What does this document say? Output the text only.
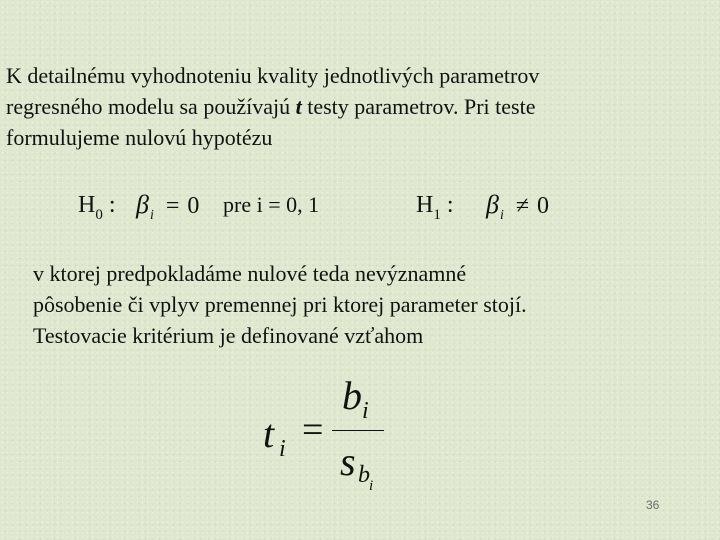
K detailnému vyhodnoteniu kvality jednotlivých parametrov
regresného modelu sa používajú t testy parametrov. Pri teste
formulujeme nulovú hypotézu
$H_0$ : $\beta_i = 0$ pre i = 0, 1	$H_1$ : $\beta_i \ne 0$
v ktorej predpokladáme nulové teda nevýznamné
pôsobenie či vplyv premennej pri ktorej parameter stojí.
Testovacie kritérium je definované vzťahom
t i =
b i
s b i
36
